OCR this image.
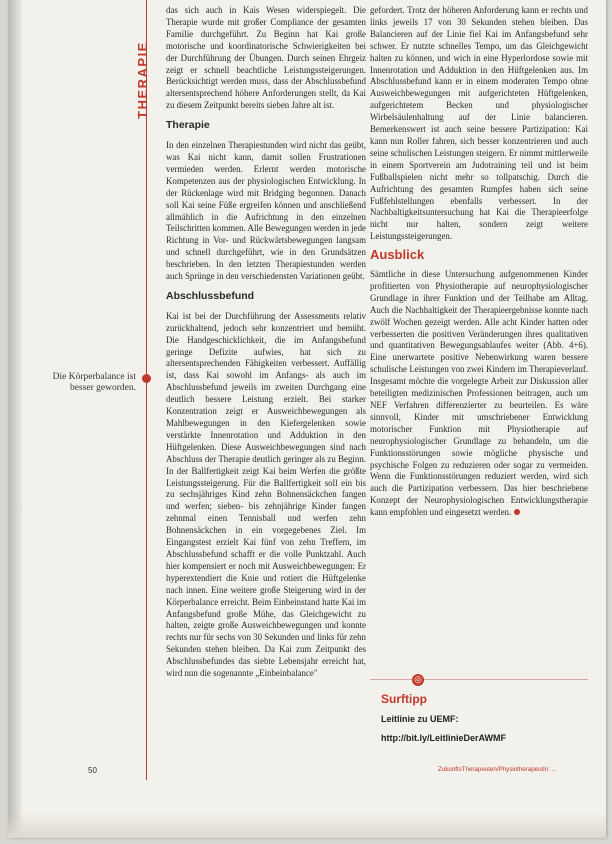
THERAPIE
Die Körperbalance ist besser geworden.

das sich auch in Kais Wesen widerspiegelt. Die Therapie wurde mit großer Compliance der gesamten Familie durchgeführt. Zu Beginn hat Kai große motorische und koordinatorische Schwierigkeiten bei der Durchführung der Übungen. Durch seinen Ehrgeiz zeigt er schnell beachtliche Leistungssteigerungen. Berücksichtigt werden muss, dass der Abschlussbefund altersentsprechend höhere Anforderungen stellt, da Kai zu diesem Zeitpunkt bereits sieben Jahre alt ist.

Therapie

In den einzelnen Therapiestunden wird nicht das geübt, was Kai nicht kann, damit sollen Frustrationen vermieden werden. Erlernt werden motorische Kompetenzen aus der physiologischen Entwicklung. In der Rückenlage wird mit Bridging begonnen. Danach soll Kai seine Füße ergreifen können und anschließend allmählich in die Aufrichtung in den einzelnen Teilschritten kommen. Alle Bewegungen werden in jede Richtung in Vor- und Rückwärtsbewegungen langsam und schnell durchgeführt, wie in den Grundsätzen beschrieben. In den letzten Therapiestunden werden auch Sprünge in den verschiedensten Variationen geübt.

Abschlussbefund

Kai ist bei der Durchführung der Assessments relativ zurückhaltend, jedoch sehr konzentriert und bemüht. Die Handgeschicklichkeit, die im Anfangsbefund geringe Defizite aufwies, hat sich zu altersentsprechenden Fähigkeiten verbessert. Auffällig ist, dass Kai sowohl im Anfangs- als auch im Abschlussbefund jeweils im zweiten Durchgang eine deutlich bessere Leistung erzielt. Bei starker Konzentration zeigt er Ausweichbewegungen als Mahlbewegungen in den Kiefergelenken sowie verstärkte Innenrotation und Adduktion in den Hüftgelenken. Diese Ausweichbewegungen sind nach Abschluss der Therapie deutlich geringer als zu Beginn. In der Ballfertigkeit zeigt Kai beim Werfen die größte Leistungssteigerung. Für die Ballfertigkeit soll ein bis zu sechsjähriges Kind zehn Bohnensäckchen fangen und werfen; sieben- bis zehnjährige Kinder fangen zehnmal einen Tennisball und werfen zehn Bohnensäckchen in ein vorgegebenes Ziel. Im Eingangstest erzielt Kai fünf von zehn Treffern, im Abschlussbefund schafft er die volle Punktzahl. Auch hier kompensiert er noch mit Ausweichbewegungen: Er hyperextendiert die Knie und rotiert die Hüftgelenke nach innen. Eine weitere große Steigerung wird in der Körperbalance erreicht. Beim Einbeinstand hatte Kai im Anfangsbefund große Mühe, das Gleichgewicht zu halten, zeigte große Ausweichbewegungen und konnte rechts nur für sechs von 30 Sekunden und links für zehn Sekunden stehen bleiben. Da Kai zum Zeitpunkt des Abschlussbefundes das siebte Lebensjahr erreicht hat, wird nun die sogenannte „Einbeinbalance"

gefordert. Trotz der höheren Anforderung kann er rechts und links jeweils 17 von 30 Sekunden stehen bleiben. Das Balancieren auf der Linie fiel Kai im Anfangsbefund sehr schwer. Er nutzte schnelles Tempo, um das Gleichgewicht halten zu können, und wich in eine Hyperlordose sowie mit Innenrotation und Adduktion in den Hüftgelenken aus. Im Abschlussbefund kann er in einem moderaten Tempo ohne Ausweichbewegungen mit aufgerichteten Hüftgelenken, aufgerichtetem Becken und physiologischer Wirbelsäulenhaltung auf der Linie balancieren. Bemerkenswert ist auch seine bessere Partizipation: Kai kann nun Roller fahren, sich besser konzentrieren und auch seine schulischen Leistungen steigern. Er nimmt mittlerweile in einem Sportverein am Judotraining teil und ist beim Fußballspielen nicht mehr so tollpatschig. Durch die Aufrichtung des gesamten Rumpfes haben sich seine Fußfehlstellungen ebenfalls verbessert. In der Nachbaltigkeitsuntersuchung hat Kai die Therapieerfolge nicht nur halten, sondern zeigt weitere Leistungssteigerungen.

Ausblick

Sämtliche in diese Untersuchung aufgenommenen Kinder profitierten von Physiotherapie auf neurophysiologischer Grundlage in ihrer Funktion und der Teilhabe am Alltag. Auch die Nachhaltigkeit der Therapieergebnisse konnte nach zwölf Wochen gezeigt werden. Alle acht Kinder hatten oder verbesserten die positiven Veränderungen ihres qualitativen und quantitativen Bewegungsablaufes weiter (Abb. 4+6). Eine unerwartete positive Nebenwirkung waren bessere schulische Leistungen von zwei Kindern im Therapieverlauf. Insgesamt möchte die vorgelegte Arbeit zur Diskussion aller beteiligten medizinischen Professionen beitragen, auch um NEF Verfahren differenzierter zu beurteilen. Es wäre sinnvoll, Kinder mit umschriebener Entwicklung motorischer Funktion mit Physiotherapie auf neurophysiologischer Grundlage zu behandeln, um die Funktionsstörungen sowie mögliche physische und psychische Folgen zu reduzieren oder sogar zu vermeiden. Wenn die Funktionsstörungen reduziert werden, wird sich auch die Partizipation verbessern. Das hier beschriebene Konzept der Neurophysiologischen Entwicklungstherapie kann empfohlen und eingesetzt werden.

◎
Surftipp
Leitlinie zu UEMF:
http://bit.ly/LeitlinieDerAWMF
50	ZukunftsTherapeuten/Physiotherapeutin: ...
